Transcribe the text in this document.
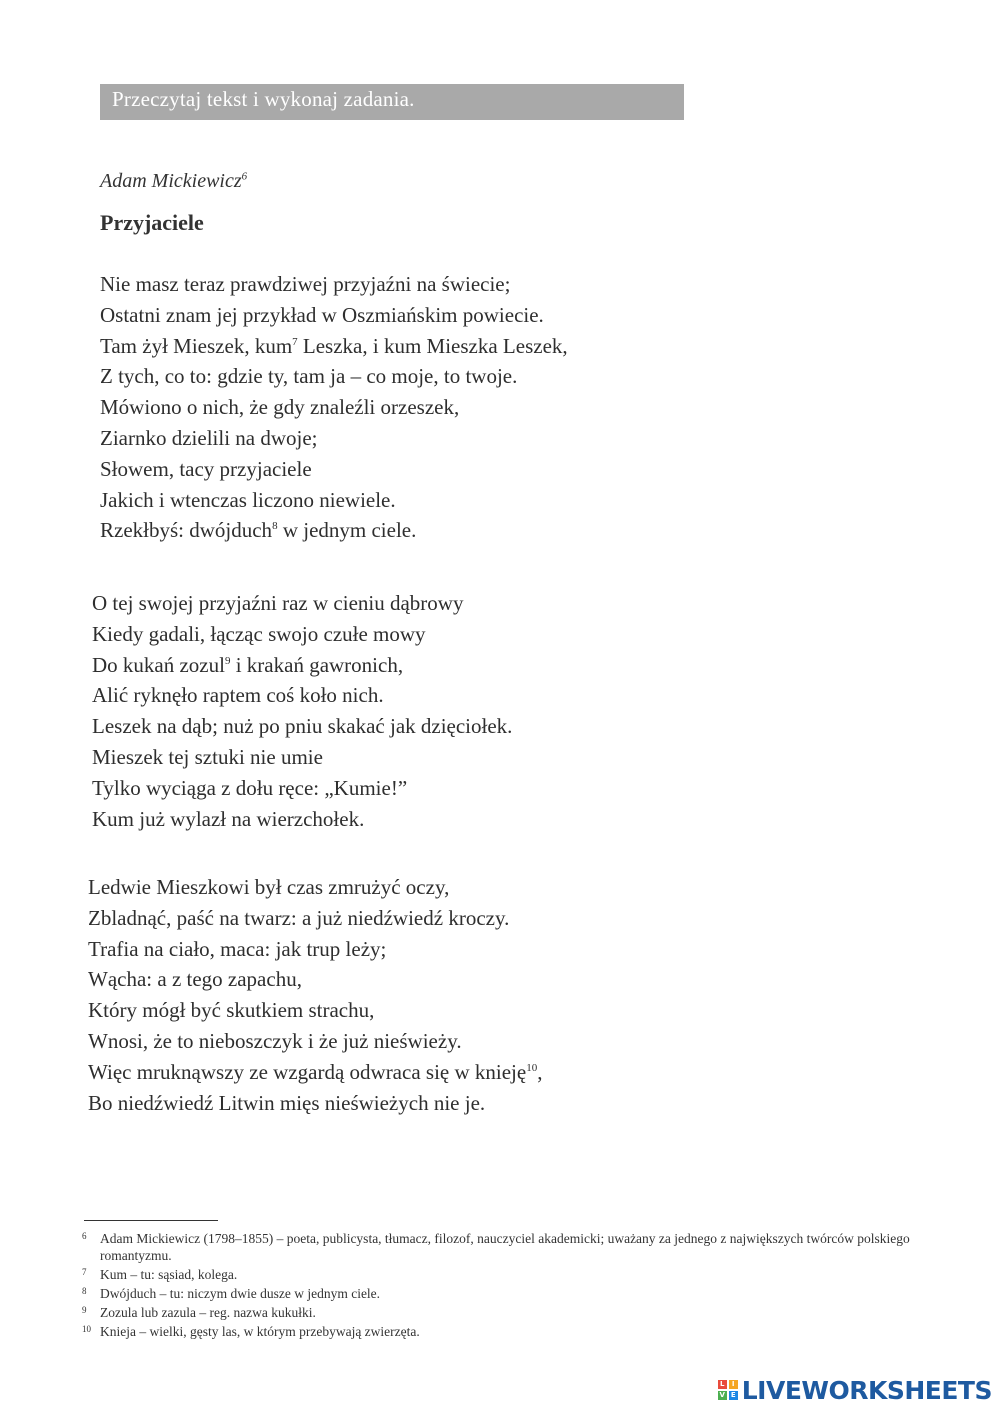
Przeczytaj tekst i wykonaj zadania.
Adam Mickiewicz$^6$
Przyjaciele
Nie masz teraz prawdziwej przyjaźni na świecie;
Ostatni znam jej przykład w Oszmiańskim powiecie.
Tam żył Mieszek, kum$^7$ Leszka, i kum Mieszka Leszek,
Z tych, co to: gdzie ty, tam ja – co moje, to twoje.
Mówiono o nich, że gdy znaleźli orzeszek,
Ziarnko dzielili na dwoje;
Słowem, tacy przyjaciele
Jakich i wtenczas liczono niewiele.
Rzekłbyś: dwójduch$^8$ w jednym ciele.
O tej swojej przyjaźni raz w cieniu dąbrowy
Kiedy gadali, łącząc swojo czułe mowy
Do kukań zozul$^9$ i krakań gawronich,
Alić ryknęło raptem coś koło nich.
Leszek na dąb; nuż po pniu skakać jak dzięciołek.
Mieszek tej sztuki nie umie
Tylko wyciąga z dołu ręce: „Kumie!”
Kum już wylazł na wierzchołek.
Ledwie Mieszkowi był czas zmrużyć oczy,
Zbladnąć, paść na twarz: a już niedźwiedź kroczy.
Trafia na ciało, maca: jak trup leży;
Wącha: a z tego zapachu,
Który mógł być skutkiem strachu,
Wnosi, że to nieboszczyk i że już nieświeży.
Więc mruknąwszy ze wzgardą odwraca się w knieję$^{10}$,
Bo niedźwiedź Litwin mięs nieświeżych nie je.
6 Adam Mickiewicz (1798–1855) – poeta, publicysta, tłumacz, filozof, nauczyciel akademicki; uważany za jednego z największych twórców polskiego romantyzmu.
7 Kum – tu: sąsiad, kolega.
8 Dwójduch – tu: niczym dwie dusze w jednym ciele.
9 Zozula lub zazula – reg. nazwa kukułki.
10 Knieja – wielki, gęsty las, w którym przebywają zwierzęta.
L	I
V E LIVEWORKSHEETS
